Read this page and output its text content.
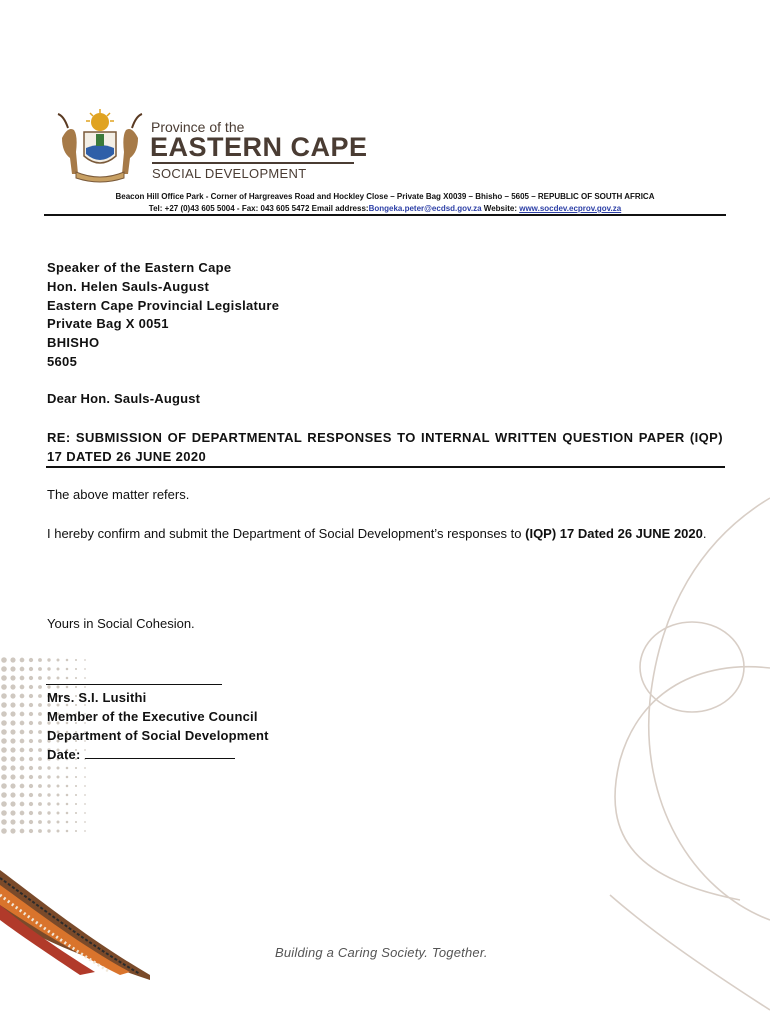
Province of the
EASTERN CAPE
SOCIAL DEVELOPMENT
Beacon Hill Office Park - Corner of Hargreaves Road and Hockley Close – Private Bag X0039 – Bhisho – 5605 – REPUBLIC OF SOUTH AFRICA
Tel: +27 (0)43 605 5004 - Fax: 043 605 5472 Email address:Bongeka.peter@ecdsd.gov.za Website: www.socdev.ecprov.gov.za
Speaker of the Eastern Cape
Hon. Helen Sauls-August
Eastern Cape Provincial Legislature
Private Bag X 0051
BHISHO
5605
Dear Hon. Sauls-August
RE: SUBMISSION OF DEPARTMENTAL RESPONSES TO INTERNAL WRITTEN QUESTION PAPER (IQP) 17 DATED 26 JUNE 2020
The above matter refers.
I hereby confirm and submit the Department of Social Development’s responses to (IQP) 17 Dated 26 JUNE 2020.
Yours in Social Cohesion.
Mrs. S.I. Lusithi
Member of the Executive Council
Department of Social Development
Date:
Building a Caring Society. Together.
